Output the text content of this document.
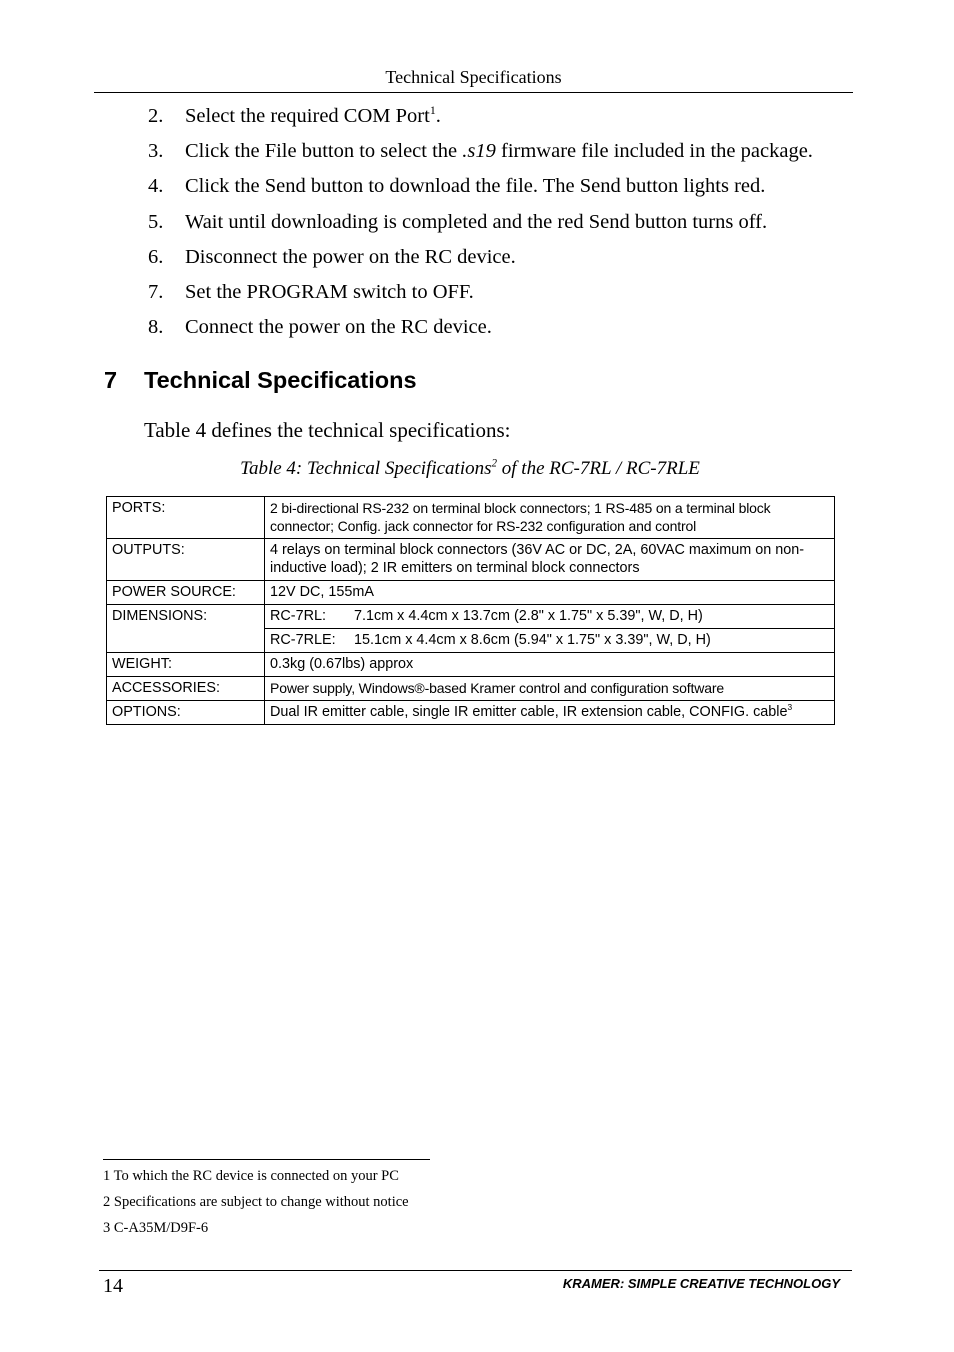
Technical Specifications
2.	Select the required COM Port$^1$.
3.	Click the File button to select the .s19 firmware file included in the package.
4.	Click the Send button to download the file. The Send button lights red.
5.	Wait until downloading is completed and the red Send button turns off.
6.	Disconnect the power on the RC device.
7.	Set the PROGRAM switch to OFF.
8.	Connect the power on the RC device.
7	Technical Specifications

Table 4 defines the technical specifications:

Table 4: Technical Specifications$^2$ of the RC-7RL / RC-7RLE

PORTS:	2 bi-directional RS-232 on terminal block connectors; 1 RS-485 on a terminal block connector; Config. jack connector for RS-232 configuration and control
OUTPUTS:	4 relays on terminal block connectors (36V AC or DC, 2A, 60VAC maximum on non-inductive load); 2 IR emitters on terminal block connectors
POWER SOURCE:	12V DC, 155mA
DIMENSIONS:	RC-7RL: 7.1cm x 4.4cm x 13.7cm (2.8" x 1.75" x 5.39", W, D, H)
	RC-7RLE: 15.1cm x 4.4cm x 8.6cm (5.94" x 1.75" x 3.39", W, D, H)
WEIGHT:	0.3kg (0.67lbs) approx
ACCESSORIES:	Power supply, Windows®-based Kramer control and configuration software
OPTIONS:	Dual IR emitter cable, single IR emitter cable, IR extension cable, CONFIG. cable$^3$
1 To which the RC device is connected on your PC
2 Specifications are subject to change without notice
3 C-A35M/D9F-6
14	KRAMER: SIMPLE CREATIVE TECHNOLOGY
